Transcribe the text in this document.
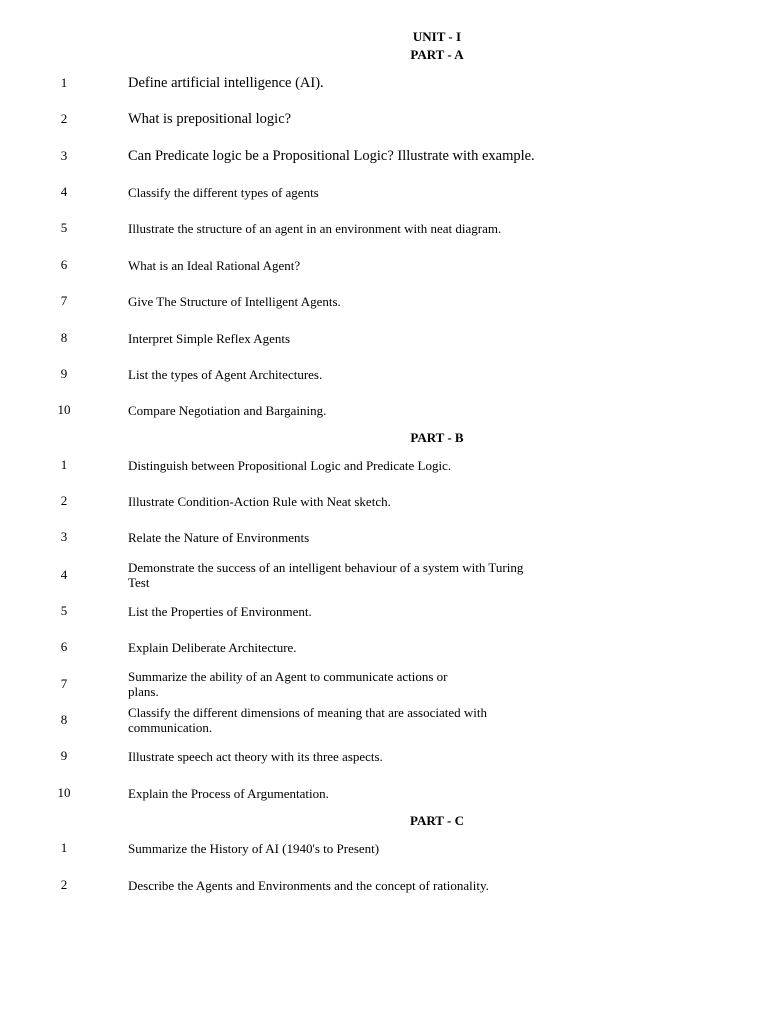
UNIT - I
PART - A
1	Define artificial intelligence (AI).
2	What is prepositional logic?
3	Can Predicate logic be a Propositional Logic? Illustrate with example.
4	Classify the different types of agents
5	Illustrate the structure of an agent in an environment with neat diagram.
6	What is an Ideal Rational Agent?
7	Give The Structure of Intelligent Agents.
8	Interpret Simple Reflex Agents
9	List the types of Agent Architectures.
10	Compare Negotiation and Bargaining.
PART - B
1	Distinguish between Propositional Logic and Predicate Logic.
2	Illustrate Condition-Action Rule with Neat sketch.
3	Relate the Nature of Environments
4	Demonstrate the success of an intelligent behaviour of a system with Turing Test
5	List the Properties of Environment.
6	Explain Deliberate Architecture.
7	Summarize the ability of an Agent to communicate actions or plans.
8	Classify the different dimensions of meaning that are associated with communication.
9	Illustrate speech act theory with its three aspects.
10	Explain the Process of Argumentation.
PART - C
1	Summarize the History of AI (1940's to Present)
2	Describe the Agents and Environments and the concept of rationality.
